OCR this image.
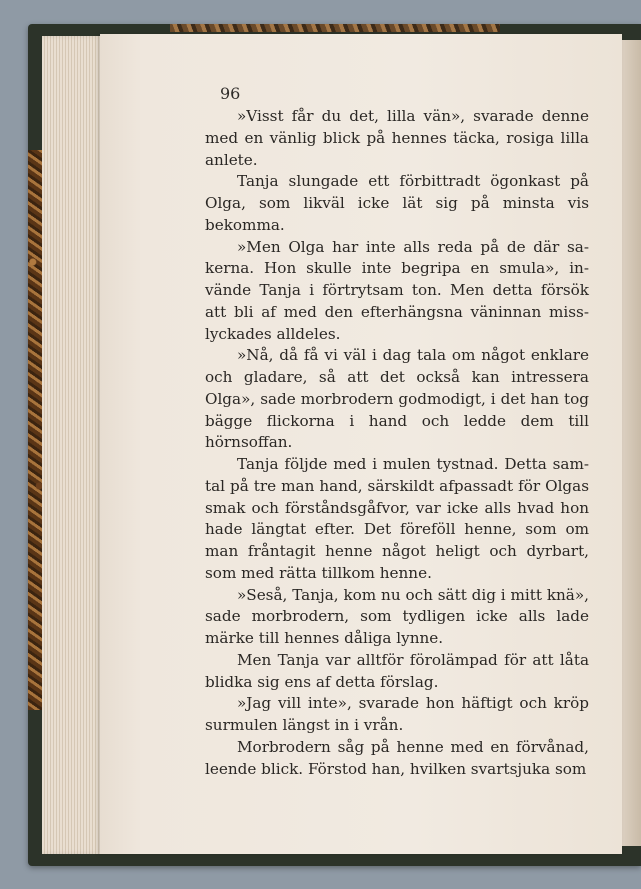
96

»Visst får du det, lilla vän», svarade denne med en vänlig blick på hennes täcka, rosiga lilla anlete.

Tanja slungade ett förbittradt ögonkast på Olga, som likväl icke lät sig på minsta vis bekomma.

»Men Olga har inte alls reda på de där sakerna. Hon skulle inte begripa en smula», invände Tanja i förtrytsam ton. Men detta försök att bli af med den efterhängsna väninnan misslyckades alldeles.

»Nå, då få vi väl i dag tala om något enklare och gladare, så att det också kan intressera Olga», sade morbrodern godmodigt, i det han tog bägge flickorna i hand och ledde dem till hörnsoffan.

Tanja följde med i mulen tystnad. Detta samtal på tre man hand, särskildt afpassadt för Olgas smak och förståndsgåfvor, var icke alls hvad hon hade längtat efter. Det föreföll henne, som om man fråntagit henne något heligt och dyrbart, som med rätta tillkom henne.

»Seså, Tanja, kom nu och sätt dig i mitt knä», sade morbrodern, som tydligen icke alls lade märke till hennes dåliga lynne.

Men Tanja var alltför förolämpad för att låta blidka sig ens af detta förslag.

»Jag vill inte», svarade hon häftigt och kröp surmulen längst in i vrån.

Morbrodern såg på henne med en förvånad, leende blick. Förstod han, hvilken svartsjuka som
